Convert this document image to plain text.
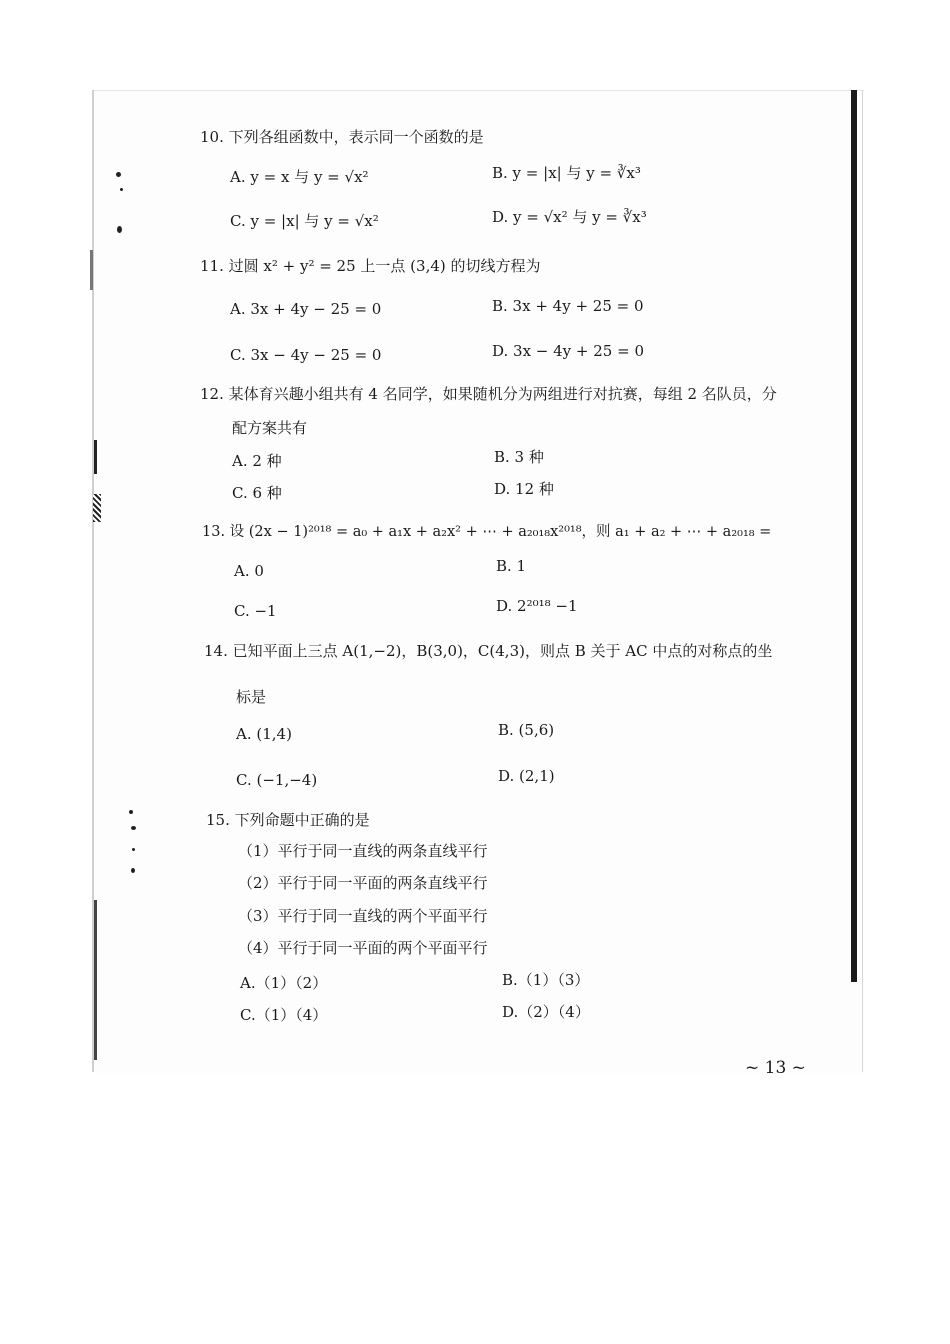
10. 下列各组函数中，表示同一个函数的是
A. y = x 与 y = √x²	B. y = |x| 与 y = ∛x³
C. y = |x| 与 y = √x²	D. y = √x² 与 y = ∛x³
11. 过圆 x² + y² = 25 上一点 (3,4) 的切线方程为
A. 3x + 4y − 25 = 0	B. 3x + 4y + 25 = 0
C. 3x − 4y − 25 = 0	D. 3x − 4y + 25 = 0
12. 某体育兴趣小组共有 4 名同学，如果随机分为两组进行对抗赛，每组 2 名队员，分
配方案共有
A. 2 种	B. 3 种
C. 6 种	D. 12 种
13. 设 (2x − 1)²⁰¹⁸ = a₀ + a₁x + a₂x² + ⋯ + a₂₀₁₈x²⁰¹⁸，则 a₁ + a₂ + ⋯ + a₂₀₁₈ =
A. 0	B. 1
C. −1	D. 2²⁰¹⁸ −1
14. 已知平面上三点 A(1,−2)，B(3,0)，C(4,3)，则点 B 关于 AC 中点的对称点的坐
标是
A. (1,4)	B. (5,6)
C. (−1,−4)	D. (2,1)
15. 下列命题中正确的是
（1）平行于同一直线的两条直线平行
（2）平行于同一平面的两条直线平行
（3）平行于同一直线的两个平面平行
（4）平行于同一平面的两个平面平行
A.（1）（2）	B.（1）（3）
C.（1）（4）	D.（2）（4）
~ 13 ~
